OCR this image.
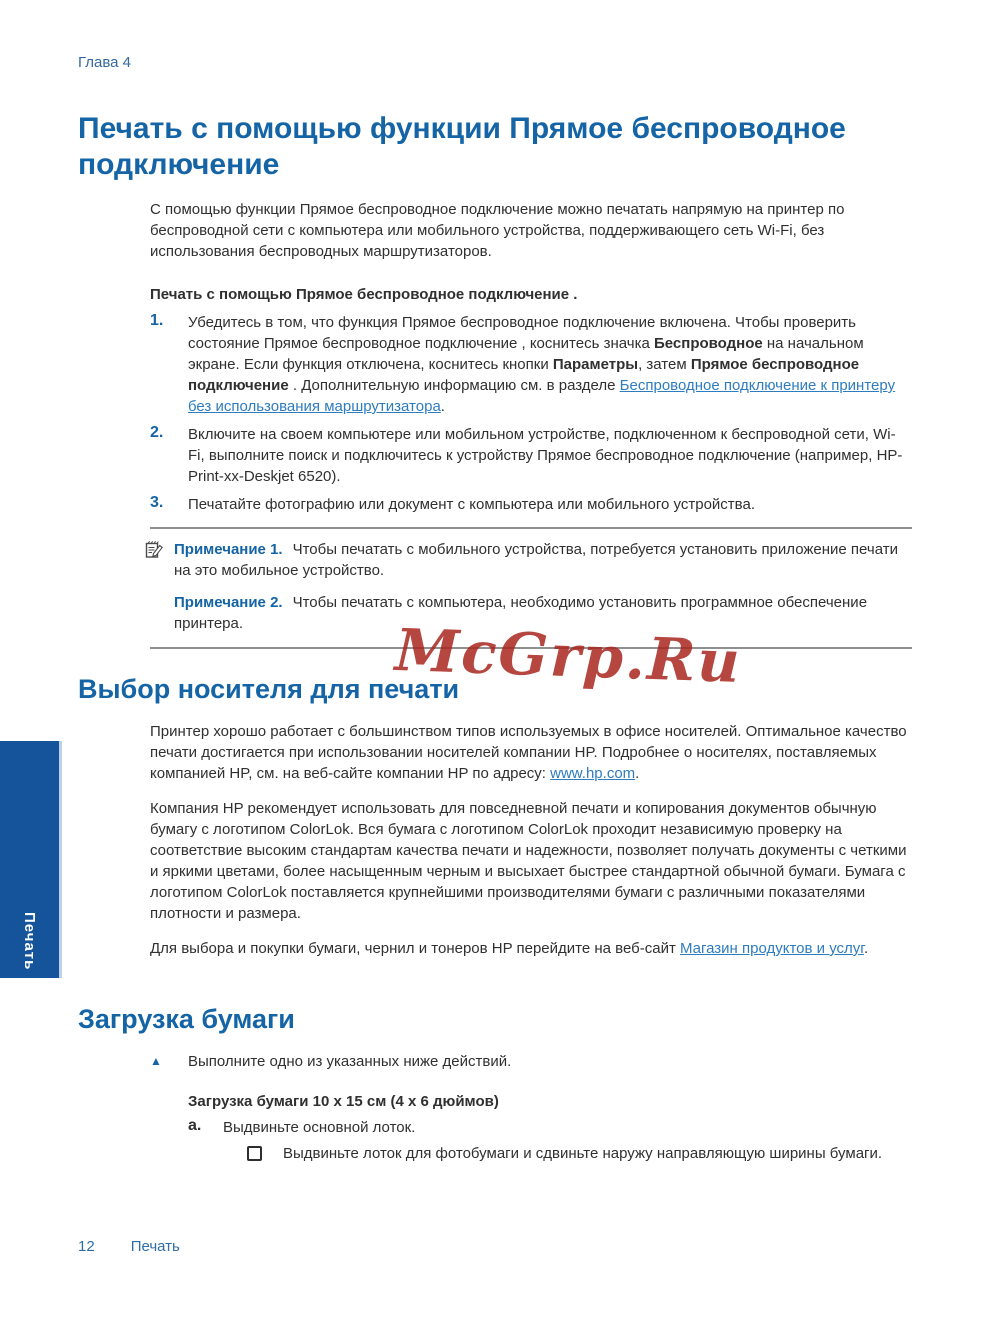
Глава 4
Печать с помощью функции Прямое беспроводное подключение

С помощью функции Прямое беспроводное подключение можно печатать напрямую на принтер по беспроводной сети с компьютера или мобильного устройства, поддерживающего сеть Wi-Fi, без использования беспроводных маршрутизаторов.

Печать с помощью Прямое беспроводное подключение .

1.	Убедитесь в том, что функция Прямое беспроводное подключение включена. Чтобы проверить состояние Прямое беспроводное подключение , коснитесь значка Беспроводное на начальном экране. Если функция отключена, коснитесь кнопки Параметры, затем Прямое беспроводное подключение . Дополнительную информацию см. в разделе Беспроводное подключение к принтеру без использования маршрутизатора.
2.	Включите на своем компьютере или мобильном устройстве, подключенном к беспроводной сети, Wi-Fi, выполните поиск и подключитесь к устройству Прямое беспроводное подключение (например, HP-Print-xx-Deskjet 6520).
3.	Печатайте фотографию или документ с компьютера или мобильного устройства.
Примечание 1. Чтобы печатать с мобильного устройства, потребуется установить приложение печати на это мобильное устройство.
Примечание 2. Чтобы печатать с компьютера, необходимо установить программное обеспечение принтера.
Выбор носителя для печати

Принтер хорошо работает с большинством типов используемых в офисе носителей. Оптимальное качество печати достигается при использовании носителей компании HP. Подробнее о носителях, поставляемых компанией HP, см. на веб-сайте компании HP по адресу: www.hp.com.

Компания HP рекомендует использовать для повседневной печати и копирования документов обычную бумагу с логотипом ColorLok. Вся бумага с логотипом ColorLok проходит независимую проверку на соответствие высоким стандартам качества печати и надежности, позволяет получать документы с четкими и яркими цветами, более насыщенным черным и высыхает быстрее стандартной обычной бумаги. Бумага с логотипом ColorLok поставляется крупнейшими производителями бумаги с различными показателями плотности и размера.

Для выбора и покупки бумаги, чернил и тонеров HP перейдите на веб-сайт Магазин продуктов и услуг.

Загрузка бумаги
▲	Выполните одно из указанных ниже действий.

Загрузка бумаги 10 x 15 см (4 x 6 дюймов)

а.	Выдвиньте основной лоток.
Выдвиньте лоток для фотобумаги и сдвиньте наружу направляющую ширины бумаги.
Печать
McGrp.Ru
12 Печать
